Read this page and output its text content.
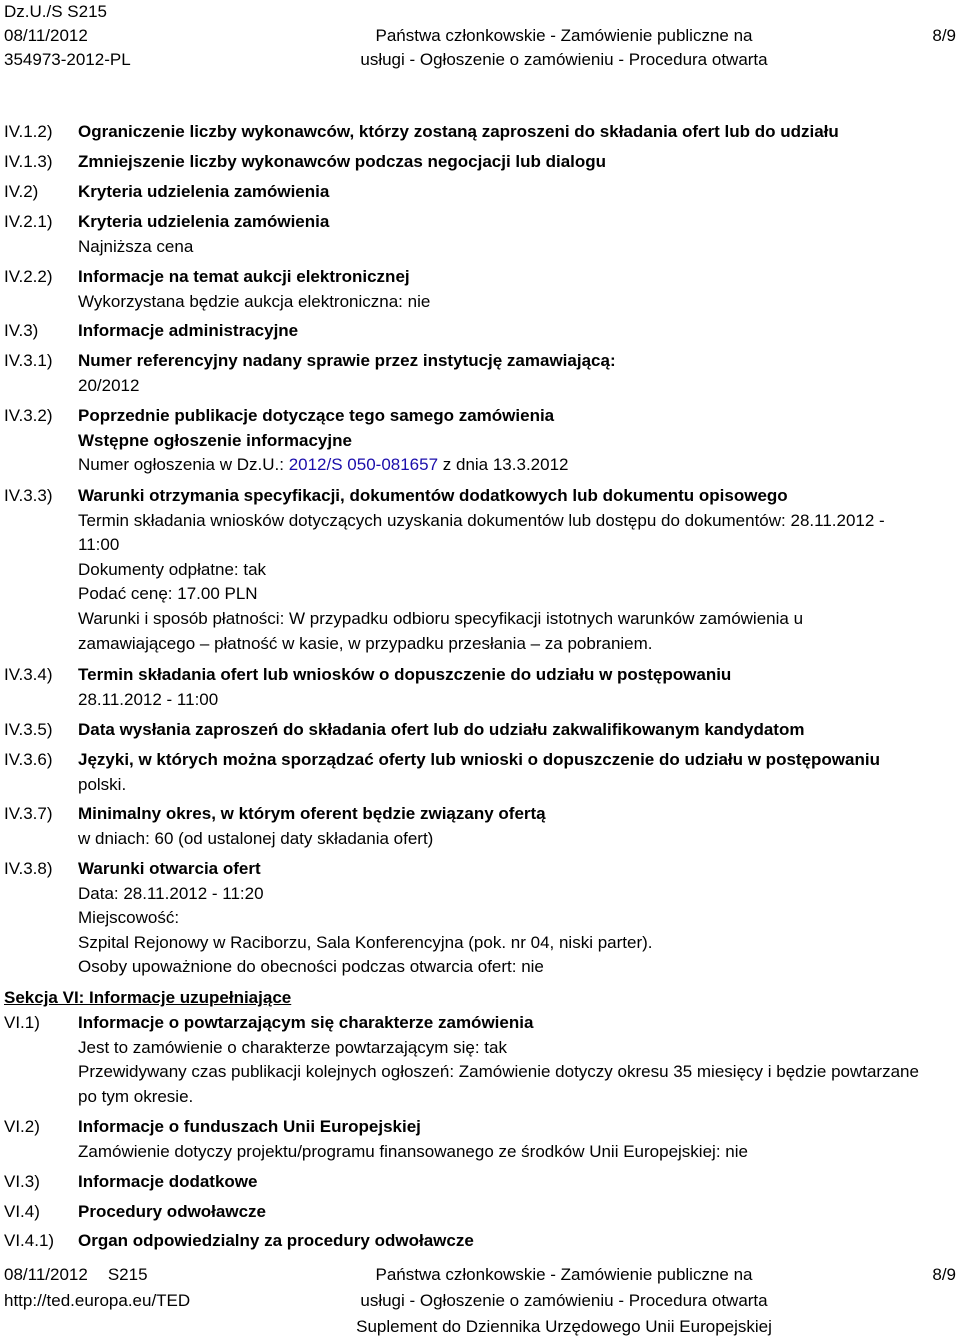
Dz.U./S S215
08/11/2012
354973-2012-PL
Państwa członkowskie - Zamówienie publiczne na
usługi - Ogłoszenie o zamówieniu - Procedura otwarta
8/9
IV.1.2) Ograniczenie liczby wykonawców, którzy zostaną zaproszeni do składania ofert lub do udziału
IV.1.3) Zmniejszenie liczby wykonawców podczas negocjacji lub dialogu
IV.2) Kryteria udzielenia zamówienia
IV.2.1) Kryteria udzielenia zamówienia
Najniższa cena
IV.2.2) Informacje na temat aukcji elektronicznej
Wykorzystana będzie aukcja elektroniczna: nie
IV.3) Informacje administracyjne
IV.3.1) Numer referencyjny nadany sprawie przez instytucję zamawiającą:
20/2012
IV.3.2) Poprzednie publikacje dotyczące tego samego zamówienia
Wstępne ogłoszenie informacyjne
Numer ogłoszenia w Dz.U.: 2012/S 050-081657 z dnia 13.3.2012
IV.3.3) Warunki otrzymania specyfikacji, dokumentów dodatkowych lub dokumentu opisowego
Termin składania wniosków dotyczących uzyskania dokumentów lub dostępu do dokumentów: 28.11.2012 -
11:00
Dokumenty odpłatne: tak
Podać cenę: 17.00 PLN
Warunki i sposób płatności: W przypadku odbioru specyfikacji istotnych warunków zamówienia u
zamawiającego – płatność w kasie, w przypadku przesłania – za pobraniem.
IV.3.4) Termin składania ofert lub wniosków o dopuszczenie do udziału w postępowaniu
28.11.2012 - 11:00
IV.3.5) Data wysłania zaproszeń do składania ofert lub do udziału zakwalifikowanym kandydatom
IV.3.6) Języki, w których można sporządzać oferty lub wnioski o dopuszczenie do udziału w postępowaniu
polski.
IV.3.7) Minimalny okres, w którym oferent będzie związany ofertą
w dniach: 60 (od ustalonej daty składania ofert)
IV.3.8) Warunki otwarcia ofert
Data: 28.11.2012 - 11:20
Miejscowość:
Szpital Rejonowy w Raciborzu, Sala Konferencyjna (pok. nr 04, niski parter).
Osoby upoważnione do obecności podczas otwarcia ofert: nie
Sekcja VI: Informacje uzupełniające
VI.1) Informacje o powtarzającym się charakterze zamówienia
Jest to zamówienie o charakterze powtarzającym się: tak
Przewidywany czas publikacji kolejnych ogłoszeń: Zamówienie dotyczy okresu 35 miesięcy i będzie powtarzane
po tym okresie.
VI.2) Informacje o funduszach Unii Europejskiej
Zamówienie dotyczy projektu/programu finansowanego ze środków Unii Europejskiej: nie
VI.3) Informacje dodatkowe
VI.4) Procedury odwoławcze
VI.4.1) Organ odpowiedzialny za procedury odwoławcze
08/11/2012 S215
http://ted.europa.eu/TED
Państwa członkowskie - Zamówienie publiczne na
usługi - Ogłoszenie o zamówieniu - Procedura otwarta
Suplement do Dziennika Urzędowego Unii Europejskiej
8/9
